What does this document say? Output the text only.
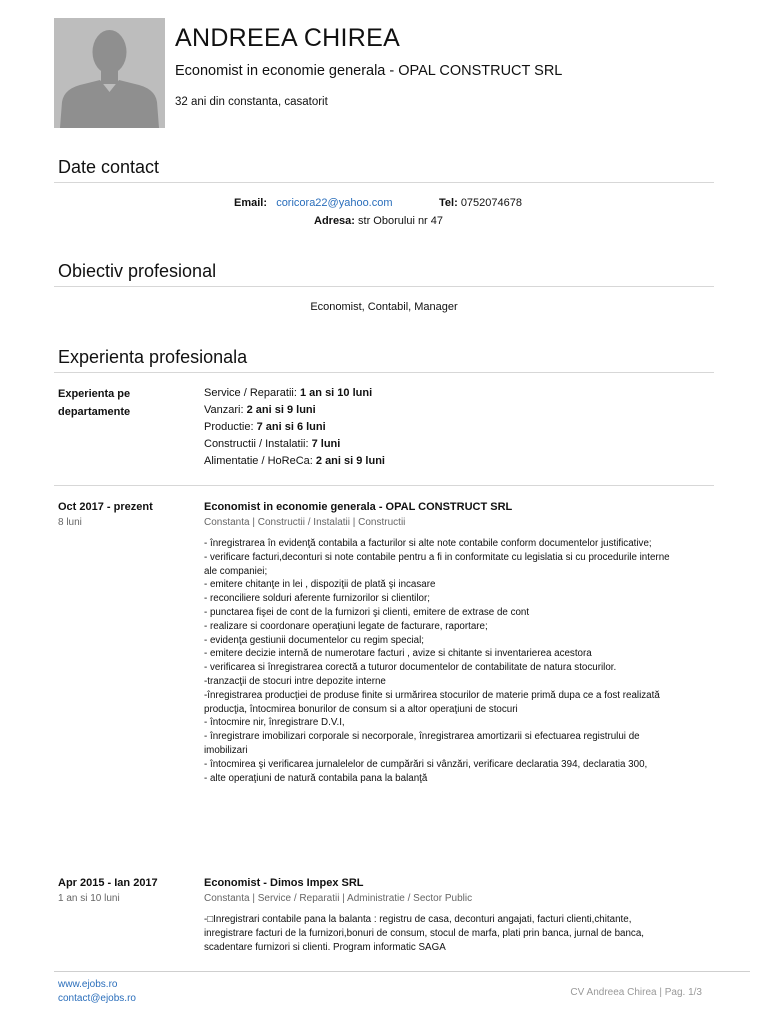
ANDREEA CHIREA
Economist in economie generala - OPAL CONSTRUCT SRL
32 ani din constanta, casatorit
Date contact
Email: coricora22@yahoo.com	Tel: 0752074678
Adresa: str Oborului nr 47
Obiectiv profesional
Economist, Contabil, Manager
Experienta profesionala
Experienta pe departamente
Service / Reparatii: 1 an si 10 luni
Vanzari: 2 ani si 9 luni
Productie: 7 ani si 6 luni
Constructii / Instalatii: 7 luni
Alimentatie / HoReCa: 2 ani si 9 luni
Oct 2017 - prezent
8 luni
Economist in economie generala - OPAL CONSTRUCT SRL
Constanta | Constructii / Instalatii | Constructii
- înregistrarea în evidenţă contabila a facturilor si alte note contabile conform documentelor justificative;
- verificare facturi,deconturi si note contabile pentru a fi in conformitate cu legislatia si cu procedurile interne
ale companiei;
- emitere chitanţe in lei , dispoziţii de plată şi incasare
- reconciliere solduri aferente furnizorilor si clientilor;
- punctarea fişei de cont de la furnizori şi clienti, emitere de extrase de cont
- realizare si coordonare operaţiuni legate de facturare, raportare;
- evidenţa gestiunii documentelor cu regim special;
- emitere decizie internă de numerotare facturi , avize si chitante si inventarierea acestora
- verificarea si înregistrarea corectă a tuturor documentelor de contabilitate de natura stocurilor.
-tranzacţii de stocuri intre depozite interne
-înregistrarea producţiei de produse finite si urmărirea stocurilor de materie primă dupa ce a fost realizată
producţia, întocmirea bonurilor de consum si a altor operaţiuni de stocuri
- întocmire nir, înregistrare D.V.I,
- înregistrare imobilizari corporale si necorporale, înregistrarea amortizarii si efectuarea registrului de
imobilizari
- întocmirea şi verificarea jurnalelelor de cumpărări si vânzări, verificare declaratia 394, declaratia 300,
- alte operaţiuni de natură contabila pana la balanţă
Apr 2015 - Ian 2017
1 an si 10 luni
Economist - Dimos Impex SRL
Constanta | Service / Reparatii | Administratie / Sector Public
-□Inregistrari contabile pana la balanta : registru de casa, deconturi angajati, facturi clienti,chitante,
inregistrare facturi de la furnizori,bonuri de consum, stocul de marfa, plati prin banca, jurnal de banca,
scadentare furnizori si clienti. Program informatic SAGA
www.ejobs.ro
contact@ejobs.ro
CV Andreea Chirea | Pag. 1/3
